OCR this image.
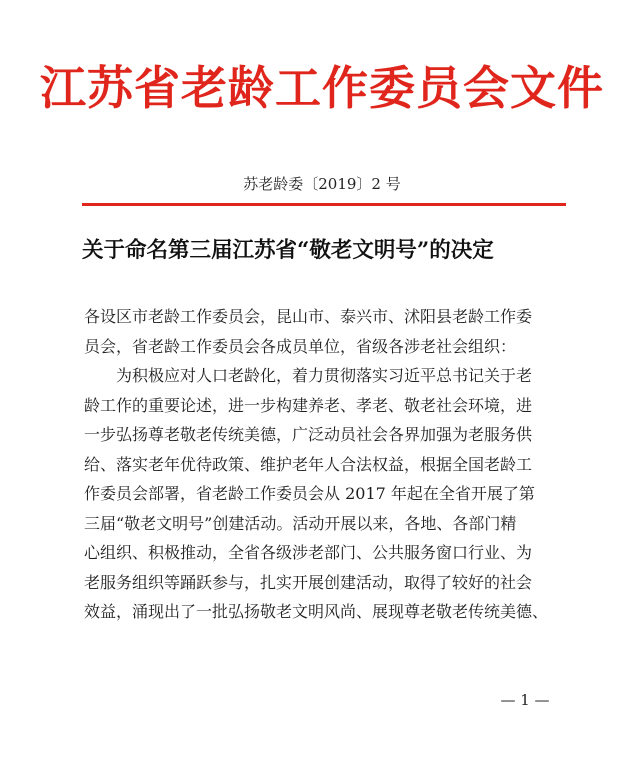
江苏省老龄工作委员会文件
苏老龄委〔2019〕2 号
关于命名第三届江苏省“敬老文明号”的决定
各设区市老龄工作委员会，昆山市、泰兴市、沭阳县老龄工作委
员会，省老龄工作委员会各成员单位，省级各涉老社会组织：
为积极应对人口老龄化，着力贯彻落实习近平总书记关于老
龄工作的重要论述，进一步构建养老、孝老、敬老社会环境，进
一步弘扬尊老敬老传统美德，广泛动员社会各界加强为老服务供
给、落实老年优待政策、维护老年人合法权益，根据全国老龄工
作委员会部署，省老龄工作委员会从 2017 年起在全省开展了第
三届“敬老文明号”创建活动。活动开展以来，各地、各部门精
心组织、积极推动，全省各级涉老部门、公共服务窗口行业、为
老服务组织等踊跃参与，扎实开展创建活动，取得了较好的社会
效益，涌现出了一批弘扬敬老文明风尚、展现尊老敬老传统美德、
— 1 —
